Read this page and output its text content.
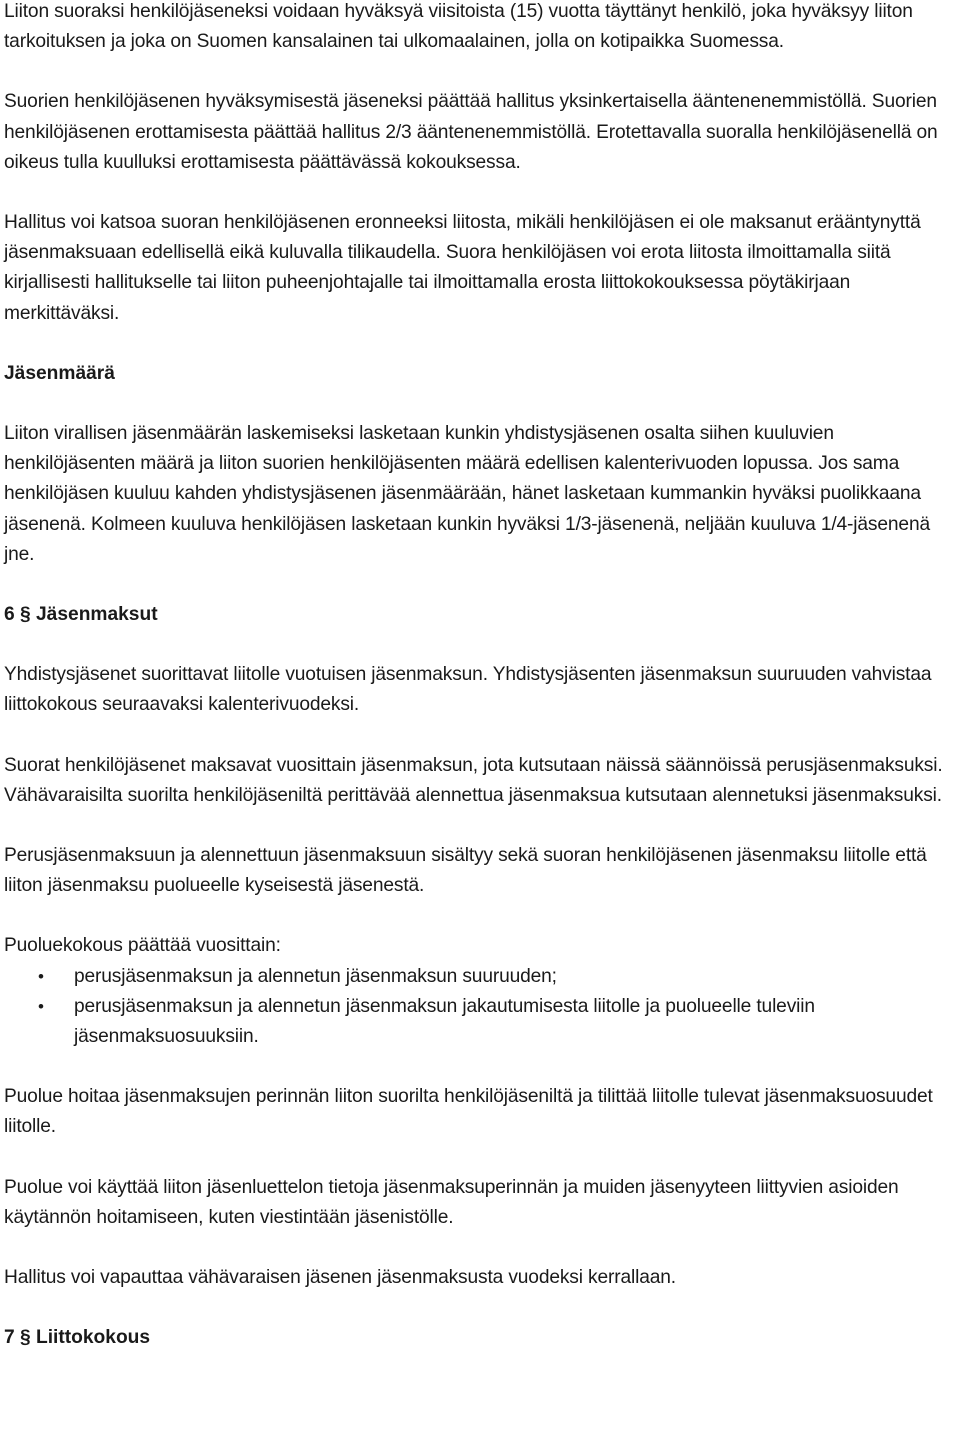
Liiton suoraksi henkilöjäseneksi voidaan hyväksyä viisitoista (15) vuotta täyttänyt henkilö, joka hyväksyy liiton tarkoituksen ja joka on Suomen kansalainen tai ulkomaalainen, jolla on kotipaikka Suomessa.

Suorien henkilöjäsenen hyväksymisestä jäseneksi päättää hallitus yksinkertaisella ääntenenemmistöllä. Suorien henkilöjäsenen erottamisesta päättää hallitus 2/3 ääntenenemmistöllä. Erotettavalla suoralla henkilöjäsenellä on oikeus tulla kuulluksi erottamisesta päättävässä kokouksessa.

Hallitus voi katsoa suoran henkilöjäsenen eronneeksi liitosta, mikäli henkilöjäsen ei ole maksanut erääntynyttä jäsenmaksuaan edellisellä eikä kuluvalla tilikaudella. Suora henkilöjäsen voi erota liitosta ilmoittamalla siitä kirjallisesti hallitukselle tai liiton puheenjohtajalle tai ilmoittamalla erosta liittokokouksessa pöytäkirjaan merkittäväksi.

Jäsenmäärä

Liiton virallisen jäsenmäärän laskemiseksi lasketaan kunkin yhdistysjäsenen osalta siihen kuuluvien henkilöjäsenten määrä ja liiton suorien henkilöjäsenten määrä edellisen kalenterivuoden lopussa. Jos sama henkilöjäsen kuuluu kahden yhdistysjäsenen jäsenmäärään, hänet lasketaan kummankin hyväksi puolikkaana jäsenenä. Kolmeen kuuluva henkilöjäsen lasketaan kunkin hyväksi 1/3-jäsenenä, neljään kuuluva 1/4-jäsenenä jne.

6 § Jäsenmaksut

Yhdistysjäsenet suorittavat liitolle vuotuisen jäsenmaksun. Yhdistysjäsenten jäsenmaksun suuruuden vahvistaa liittokokous seuraavaksi kalenterivuodeksi.

Suorat henkilöjäsenet maksavat vuosittain jäsenmaksun, jota kutsutaan näissä säännöissä perusjäsenmaksuksi. Vähävaraisilta suorilta henkilöjäseniltä perittävää alennettua jäsenmaksua kutsutaan alennetuksi jäsenmaksuksi.

Perusjäsenmaksuun ja alennettuun jäsenmaksuun sisältyy sekä suoran henkilöjäsenen jäsenmaksu liitolle että liiton jäsenmaksu puolueelle kyseisestä jäsenestä.

Puoluekokous päättää vuosittain:

• perusjäsenmaksun ja alennetun jäsenmaksun suuruuden;
• perusjäsenmaksun ja alennetun jäsenmaksun jakautumisesta liitolle ja puolueelle tuleviin jäsenmaksuosuuksiin.

Puolue hoitaa jäsenmaksujen perinnän liiton suorilta henkilöjäseniltä ja tilittää liitolle tulevat jäsenmaksuosuudet liitolle.

Puolue voi käyttää liiton jäsenluettelon tietoja jäsenmaksuperinnän ja muiden jäsenyyteen liittyvien asioiden käytännön hoitamiseen, kuten viestintään jäsenistölle.

Hallitus voi vapauttaa vähävaraisen jäsenen jäsenmaksusta vuodeksi kerrallaan.

7 § Liittokokous
